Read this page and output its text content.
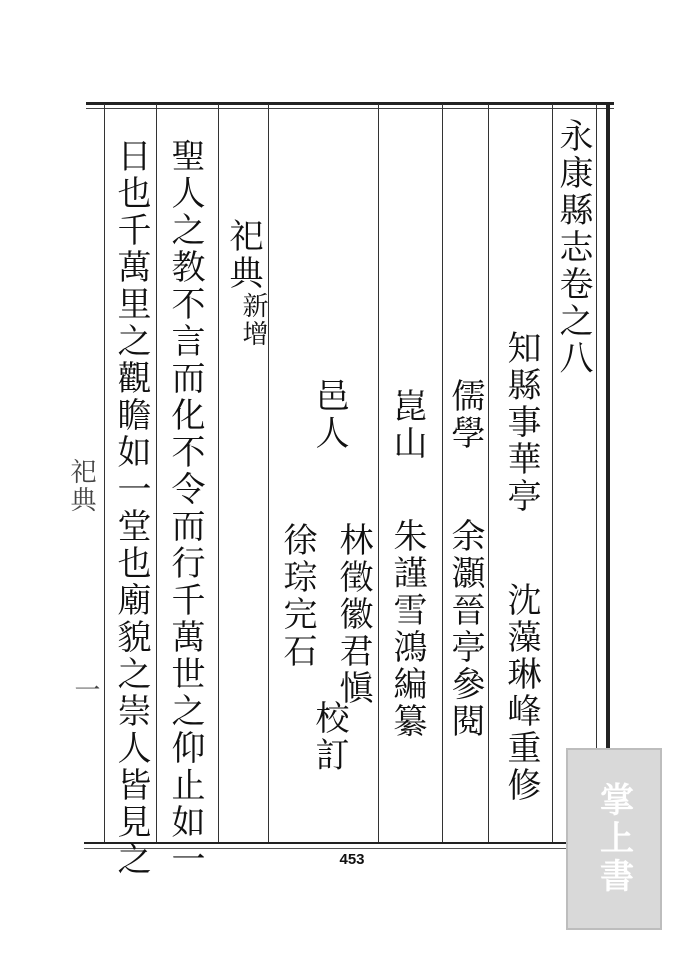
永康縣志卷之八
知縣事華亭
沈藻琳峰重修
儒學
余灝晉亭參閱
崑山
朱謹雪鴻編纂
林徵徽君愼
邑人
校訂
徐琮完石
祀典
新增
聖人之教不言而化不令而行千萬世之仰止如一
日也千萬里之觀瞻如一堂也廟貌之崇人皆見之
祀典
一
453	掌上書
